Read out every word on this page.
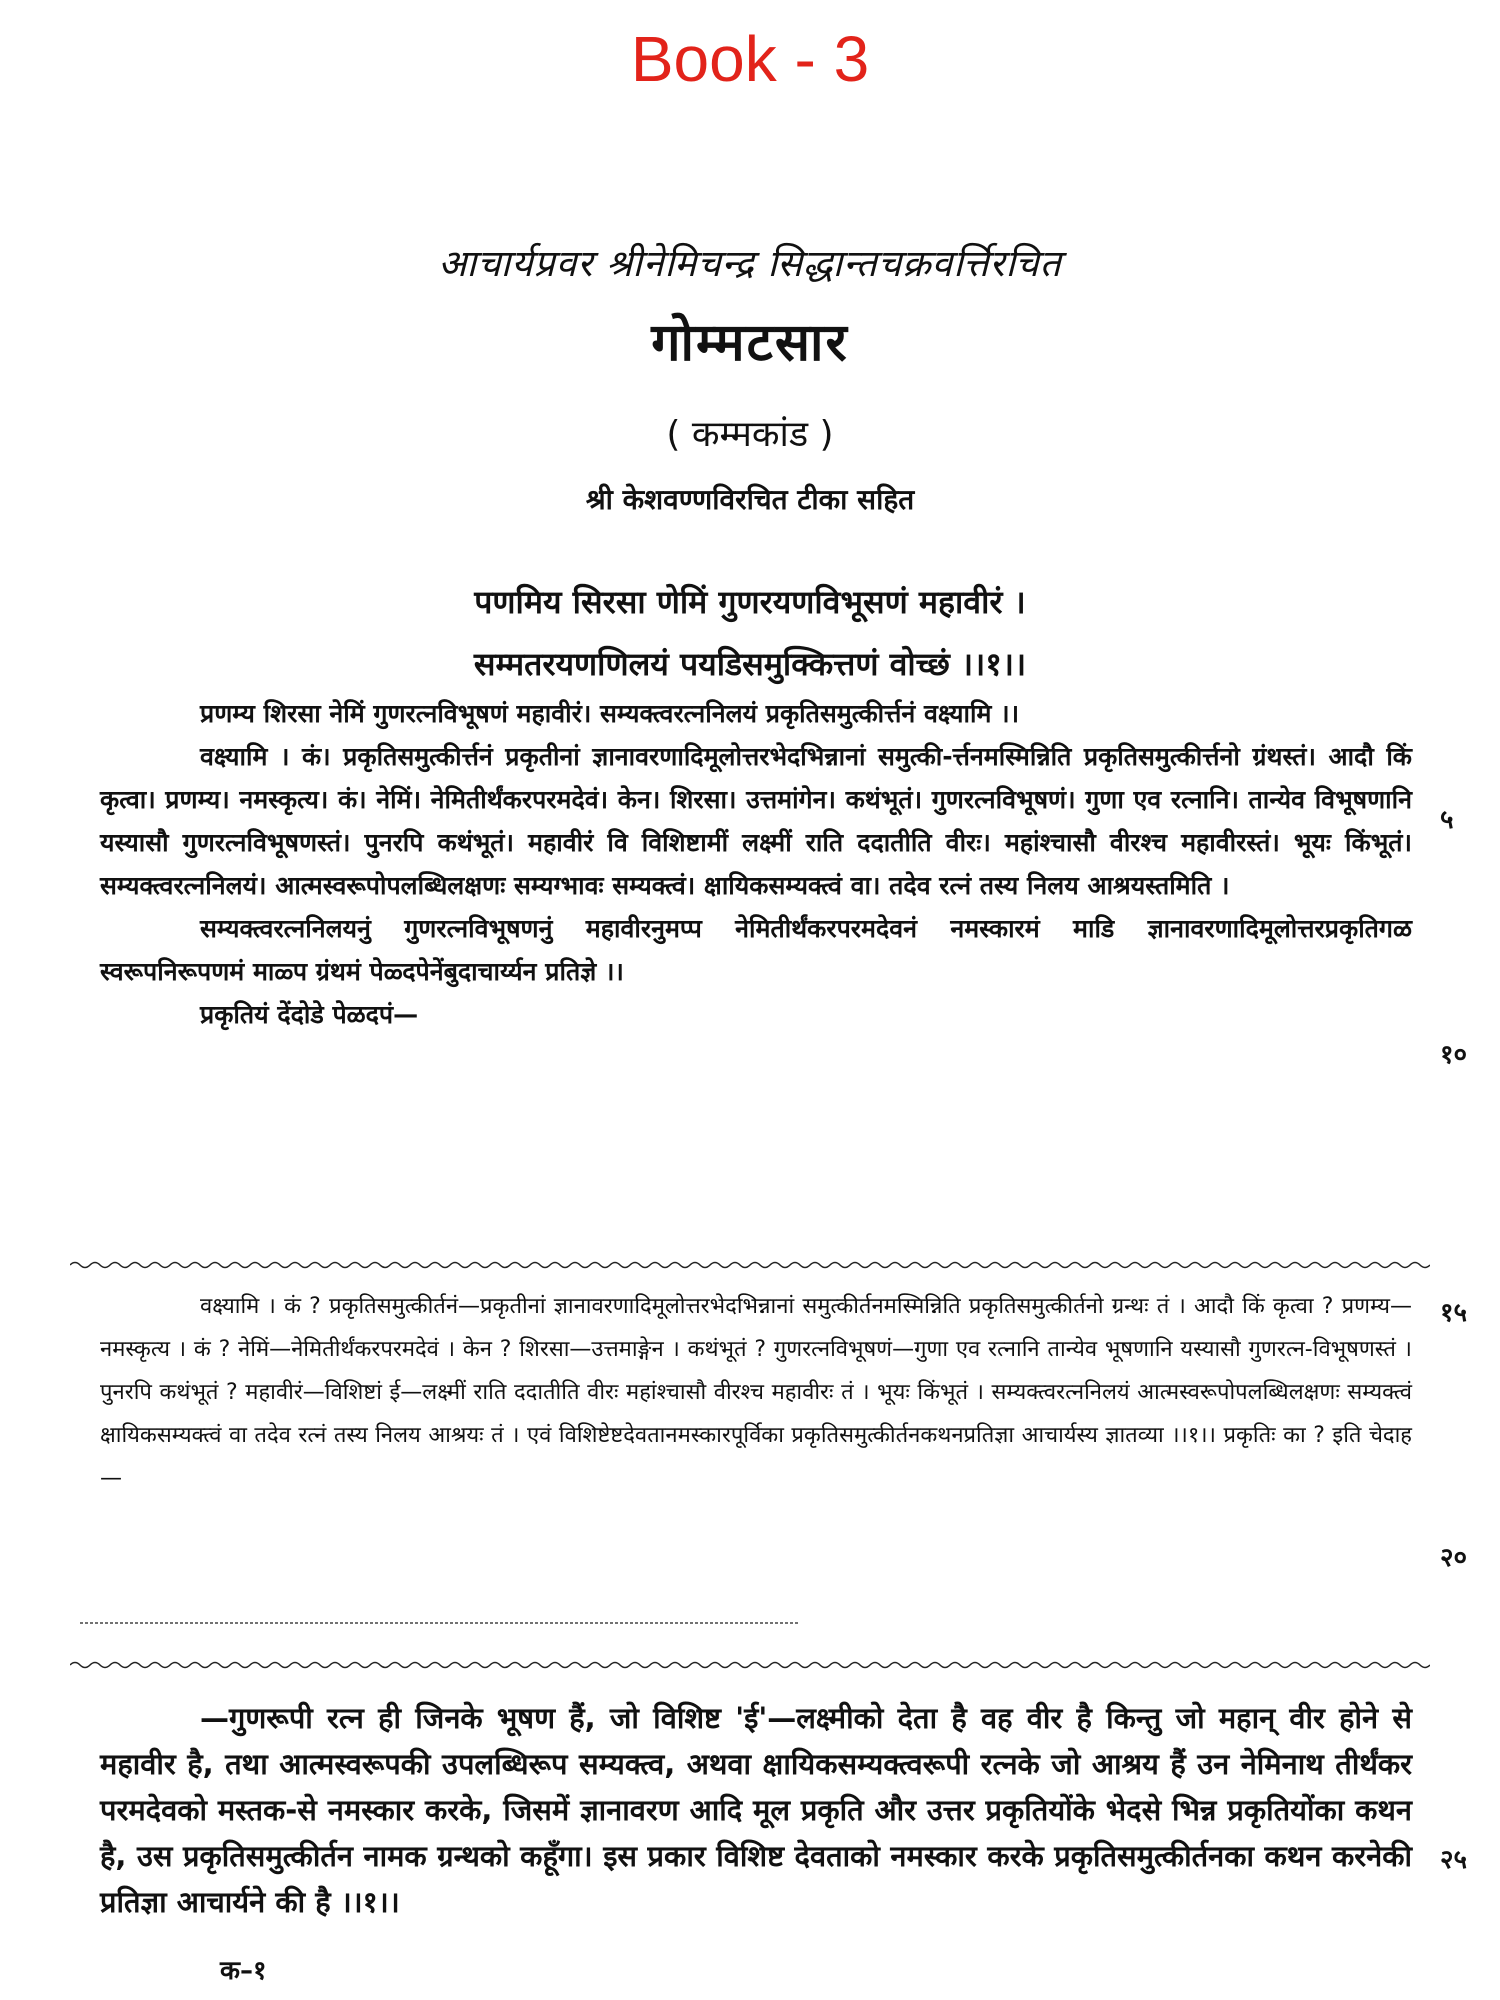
Book - 3
आचार्यप्रवर श्रीनेमिचन्द्र सिद्धान्तचक्रवर्त्तिरचित
गोम्मटसार
( कम्मकांड )
श्री केशवण्णविरचित टीका सहित
पणमिय सिरसा णेमिं गुणरयणविभूसणं महावीरं ।
सम्मतरयणणिलयं पयडिसमुक्कित्तणं वोच्छं ।।१।।

प्रणम्य शिरसा नेमिं गुणरत्नविभूषणं महावीरं। सम्यक्त्वरत्ननिलयं प्रकृतिसमुत्कीर्त्तनं वक्ष्यामि ।।

वक्ष्यामि । कं। प्रकृतिसमुत्कीर्त्तनं प्रकृतीनां ज्ञानावरणादिमूलोत्तरभेदभिन्नानां समुत्की-र्त्तनमस्मिन्निति प्रकृतिसमुत्कीर्त्तनो ग्रंथस्तं। आदौ किं कृत्वा। प्रणम्य। नमस्कृत्य। कं। नेमिं। नेमितीर्थंकरपरमदेवं। केन। शिरसा। उत्तमांगेन। कथंभूतं। गुणरत्नविभूषणं। गुणा एव रत्नानि। तान्येव विभूषणानि यस्यासौ गुणरत्नविभूषणस्तं। पुनरपि कथंभूतं। महावीरं वि विशिष्टामीं लक्ष्मीं राति ददातीति वीरः। महांश्चासौ वीरश्च महावीरस्तं। भूयः किंभूतं। सम्यक्त्वरत्ननिलयं। आत्मस्वरूपोपलब्धिलक्षणः सम्यग्भावः सम्यक्त्वं। क्षायिकसम्यक्त्वं वा। तदेव रत्नं तस्य निलय आश्रयस्तमिति ।

सम्यक्त्वरत्ननिलयनुं गुणरत्नविभूषणनुं महावीरनुमप्प नेमितीर्थंकरपरमदेवनं नमस्कारमं माडि ज्ञानावरणादिमूलोत्तरप्रकृतिगळ स्वरूपनिरूपणमं माळ्प ग्रंथमं पेळ्दपेनेंबुदाचार्य्यन प्रतिज्ञे ।।

प्रकृतियं देंदोडे पेळदपं—

वक्ष्यामि । कं ? प्रकृतिसमुत्कीर्तनं—प्रकृतीनां ज्ञानावरणादिमूलोत्तरभेदभिन्नानां समुत्कीर्तनमस्मिन्निति प्रकृतिसमुत्कीर्तनो ग्रन्थः तं । आदौ किं कृत्वा ? प्रणम्य—नमस्कृत्य । कं ? नेमिं—नेमितीर्थंकरपरमदेवं । केन ? शिरसा—उत्तमाङ्गेन । कथंभूतं ? गुणरत्नविभूषणं—गुणा एव रत्नानि तान्येव भूषणानि यस्यासौ गुणरत्न-विभूषणस्तं । पुनरपि कथंभूतं ? महावीरं—विशिष्टां ई—लक्ष्मीं राति ददातीति वीरः महांश्चासौ वीरश्च महावीरः तं । भूयः किंभूतं । सम्यक्त्वरत्ननिलयं आत्मस्वरूपोपलब्धिलक्षणः सम्यक्त्वं क्षायिकसम्यक्त्वं वा तदेव रत्नं तस्य निलय आश्रयः तं । एवं विशिष्टेष्टदेवतानमस्कारपूर्विका प्रकृतिसमुत्कीर्तनकथनप्रतिज्ञा आचार्यस्य ज्ञातव्या ।।१।। प्रकृतिः का ? इति चेदाह—

—गुणरूपी रत्न ही जिनके भूषण हैं, जो विशिष्ट 'ई'—लक्ष्मीको देता है वह वीर है किन्तु जो महान् वीर होने से महावीर है, तथा आत्मस्वरूपकी उपलब्धिरूप सम्यक्त्व, अथवा क्षायिकसम्यक्त्वरूपी रत्नके जो आश्रय हैं उन नेमिनाथ तीर्थंकर परमदेवको मस्तक-से नमस्कार करके, जिसमें ज्ञानावरण आदि मूल प्रकृति और उत्तर प्रकृतियोंके भेदसे भिन्न प्रकृतियोंका कथन है, उस प्रकृतिसमुत्कीर्तन नामक ग्रन्थको कहूँगा। इस प्रकार विशिष्ट देवताको नमस्कार करके प्रकृतिसमुत्कीर्तनका कथन करनेकी प्रतिज्ञा आचार्यने की है ।।१।।

५
१०
१५
२०
२५
क–१
